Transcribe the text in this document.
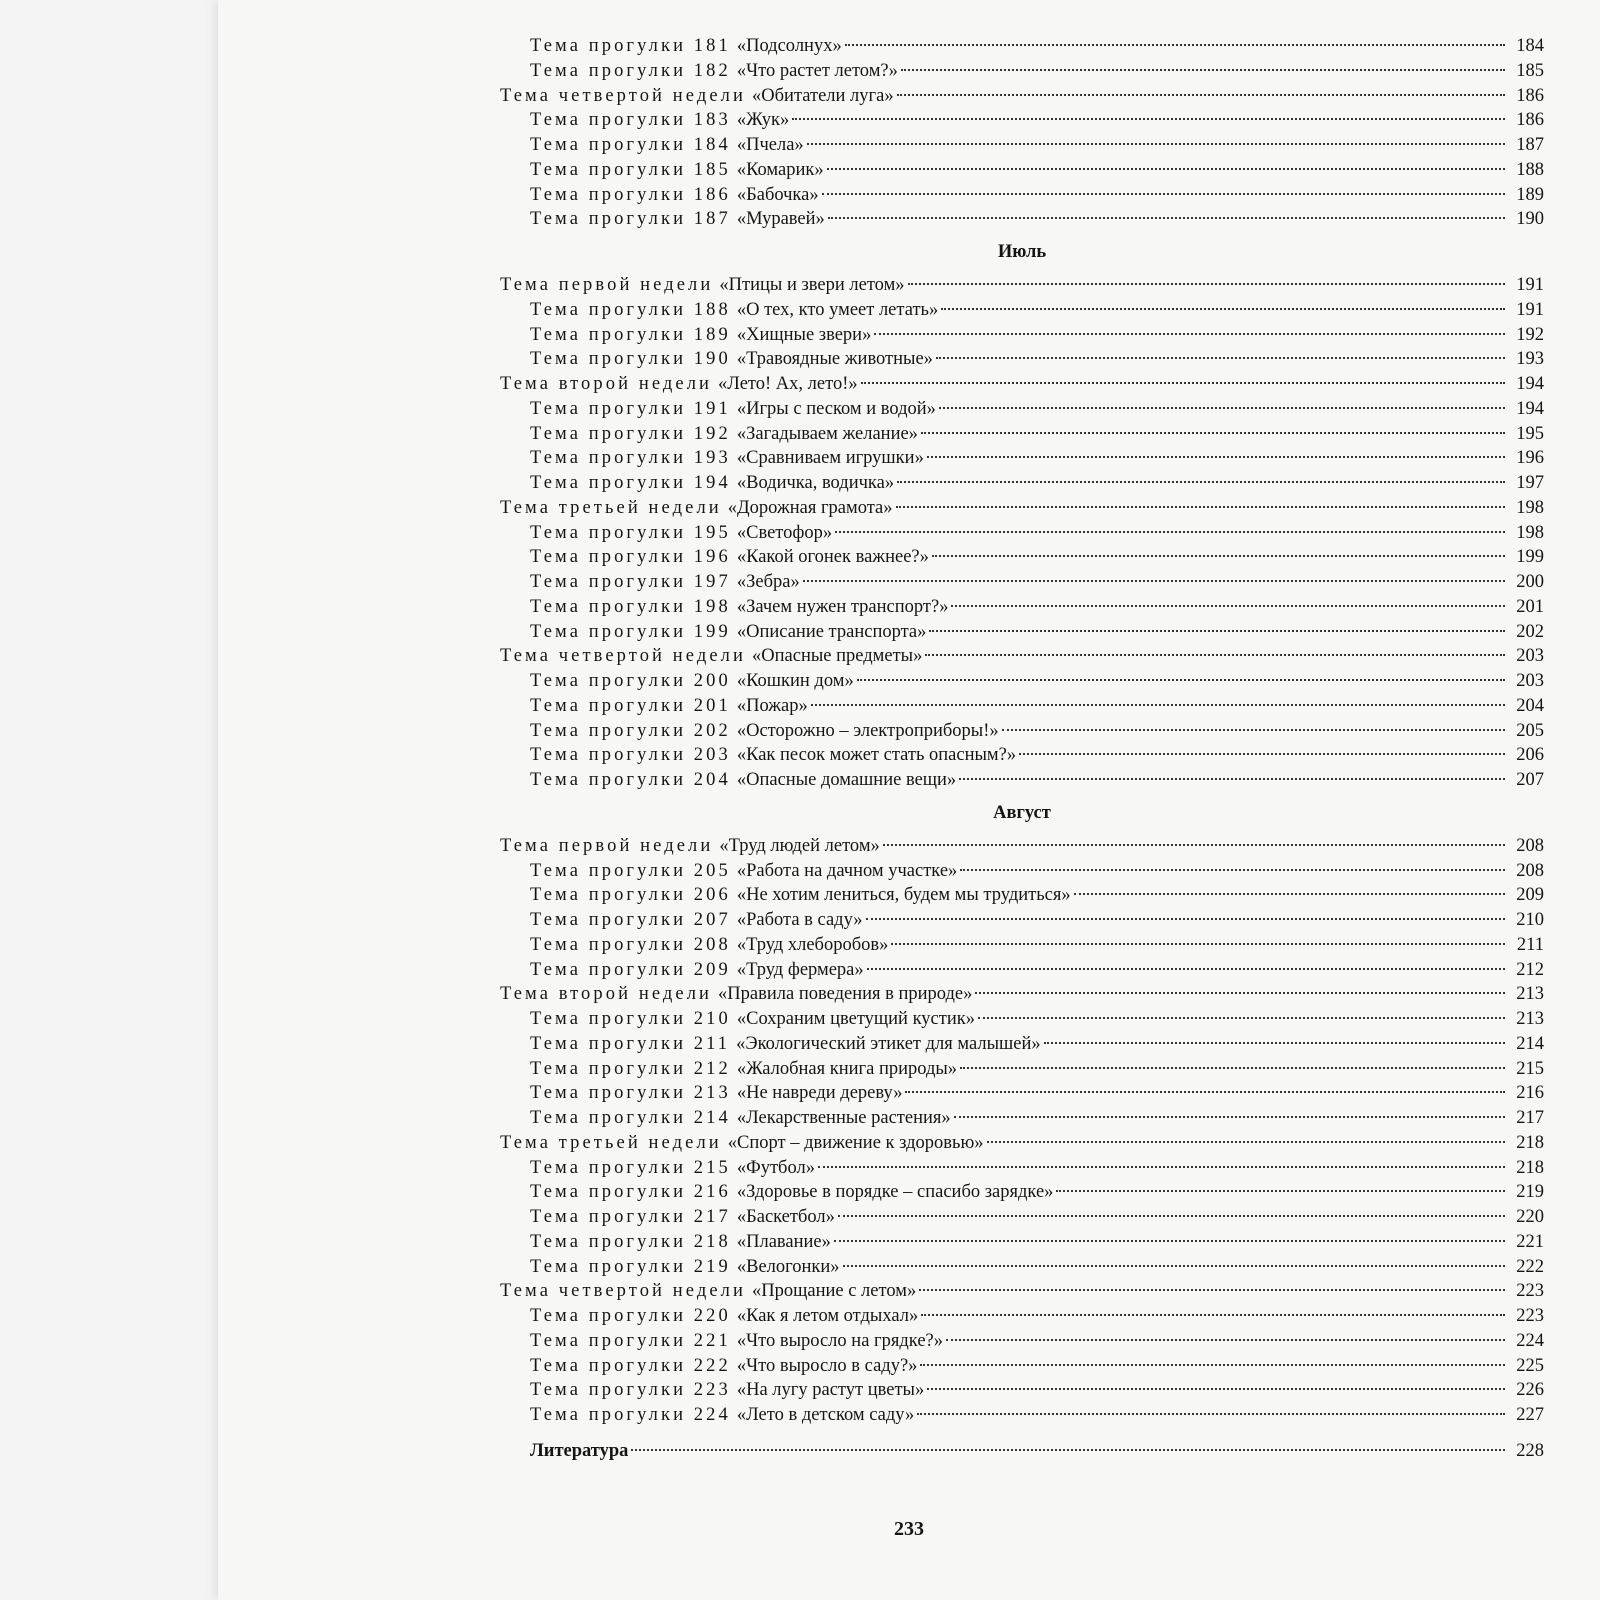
Тема прогулки 181 «Подсолнух»	184
Тема прогулки 182 «Что растет летом?»	185
Тема четвертой недели «Обитатели луга»	186
Тема прогулки 183 «Жук»	186
Тема прогулки 184 «Пчела»	187
Тема прогулки 185 «Комарик»	188
Тема прогулки 186 «Бабочка»	189
Тема прогулки 187 «Муравей»	190
Июль
Тема первой недели «Птицы и звери летом»	191
Тема прогулки 188 «О тех, кто умеет летать»	191
Тема прогулки 189 «Хищные звери»	192
Тема прогулки 190 «Травоядные животные»	193
Тема второй недели «Лето! Ах, лето!»	194
Тема прогулки 191 «Игры с песком и водой»	194
Тема прогулки 192 «Загадываем желание»	195
Тема прогулки 193 «Сравниваем игрушки»	196
Тема прогулки 194 «Водичка, водичка»	197
Тема третьей недели «Дорожная грамота»	198
Тема прогулки 195 «Светофор»	198
Тема прогулки 196 «Какой огонек важнее?»	199
Тема прогулки 197 «Зебра»	200
Тема прогулки 198 «Зачем нужен транспорт?»	201
Тема прогулки 199 «Описание транспорта»	202
Тема четвертой недели «Опасные предметы»	203
Тема прогулки 200 «Кошкин дом»	203
Тема прогулки 201 «Пожар»	204
Тема прогулки 202 «Осторожно – электроприборы!»	205
Тема прогулки 203 «Как песок может стать опасным?»	206
Тема прогулки 204 «Опасные домашние вещи»	207
Август
Тема первой недели «Труд людей летом»	208
Тема прогулки 205 «Работа на дачном участке»	208
Тема прогулки 206 «Не хотим лениться, будем мы трудиться»	209
Тема прогулки 207 «Работа в саду»	210
Тема прогулки 208 «Труд хлеборобов»	211
Тема прогулки 209 «Труд фермера»	212
Тема второй недели «Правила поведения в природе»	213
Тема прогулки 210 «Сохраним цветущий кустик»	213
Тема прогулки 211 «Экологический этикет для малышей»	214
Тема прогулки 212 «Жалобная книга природы»	215
Тема прогулки 213 «Не навреди дереву»	216
Тема прогулки 214 «Лекарственные растения»	217
Тема третьей недели «Спорт – движение к здоровью»	218
Тема прогулки 215 «Футбол»	218
Тема прогулки 216 «Здоровье в порядке – спасибо зарядке»	219
Тема прогулки 217 «Баскетбол»	220
Тема прогулки 218 «Плавание»	221
Тема прогулки 219 «Велогонки»	222
Тема четвертой недели «Прощание с летом»	223
Тема прогулки 220 «Как я летом отдыхал»	223
Тема прогулки 221 «Что выросло на грядке?»	224
Тема прогулки 222 «Что выросло в саду?»	225
Тема прогулки 223 «На лугу растут цветы»	226
Тема прогулки 224 «Лето в детском саду»	227
Литература	228
233
